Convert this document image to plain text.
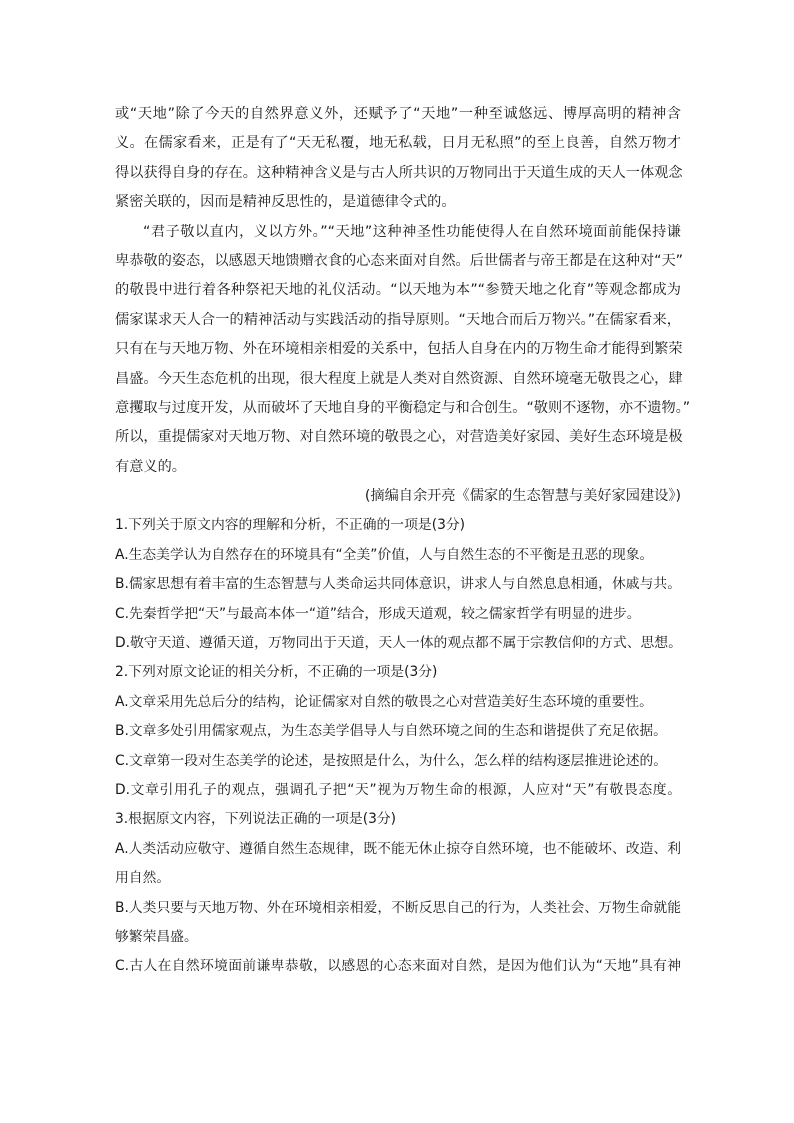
或“天地”除了今天的自然界意义外，还赋予了“天地”一种至诚悠远、博厚高明的精神含
义。在儒家看来，正是有了“天无私覆，地无私载，日月无私照”的至上良善，自然万物才
得以获得自身的存在。这种精神含义是与古人所共识的万物同出于天道生成的天人一体观念
紧密关联的，因而是精神反思性的，是道德律令式的。
“君子敬以直内，义以方外。”“天地”这种神圣性功能使得人在自然环境面前能保持谦
卑恭敬的姿态，以感恩天地馈赠衣食的心态来面对自然。后世儒者与帝王都是在这种对“天”
的敬畏中进行着各种祭祀天地的礼仪活动。“以天地为本”“参赞天地之化育”等观念都成为
儒家谋求天人合一的精神活动与实践活动的指导原则。“天地合而后万物兴。”在儒家看来，
只有在与天地万物、外在环境相亲相爱的关系中，包括人自身在内的万物生命才能得到繁荣
昌盛。今天生态危机的出现，很大程度上就是人类对自然资源、自然环境毫无敬畏之心，肆
意攫取与过度开发，从而破坏了天地自身的平衡稳定与和合创生。“敬则不逐物，亦不遗物。”
所以，重提儒家对天地万物、对自然环境的敬畏之心，对营造美好家园、美好生态环境是极
有意义的。
(摘编自余开亮《儒家的生态智慧与美好家园建设》)
1.下列关于原文内容的理解和分析，不正确的一项是(3分)
A.生态美学认为自然存在的环境具有“全美”价值，人与自然生态的不平衡是丑恶的现象。
B.儒家思想有着丰富的生态智慧与人类命运共同体意识，讲求人与自然息息相通，休戚与共。
C.先秦哲学把“天”与最高本体一“道”结合，形成天道观，较之儒家哲学有明显的进步。
D.敬守天道、遵循天道，万物同出于天道，天人一体的观点都不属于宗教信仰的方式、思想。
2.下列对原文论证的相关分析，不正确的一项是(3分)
A.文章采用先总后分的结构，论证儒家对自然的敬畏之心对营造美好生态环境的重要性。
B.文章多处引用儒家观点，为生态美学倡导人与自然环境之间的生态和谐提供了充足依据。
C.文章第一段对生态美学的论述，是按照是什么，为什么，怎么样的结构逐层推进论述的。
D.文章引用孔子的观点，强调孔子把“天”视为万物生命的根源，人应对“天”有敬畏态度。
3.根据原文内容，下列说法正确的一项是(3分)
A.人类活动应敬守、遵循自然生态规律，既不能无休止掠夺自然环境，也不能破坏、改造、利
用自然。
B.人类只要与天地万物、外在环境相亲相爱，不断反思自己的行为，人类社会、万物生命就能
够繁荣昌盛。
C.古人在自然环境面前谦卑恭敬，以感恩的心态来面对自然，是因为他们认为“天地”具有神
